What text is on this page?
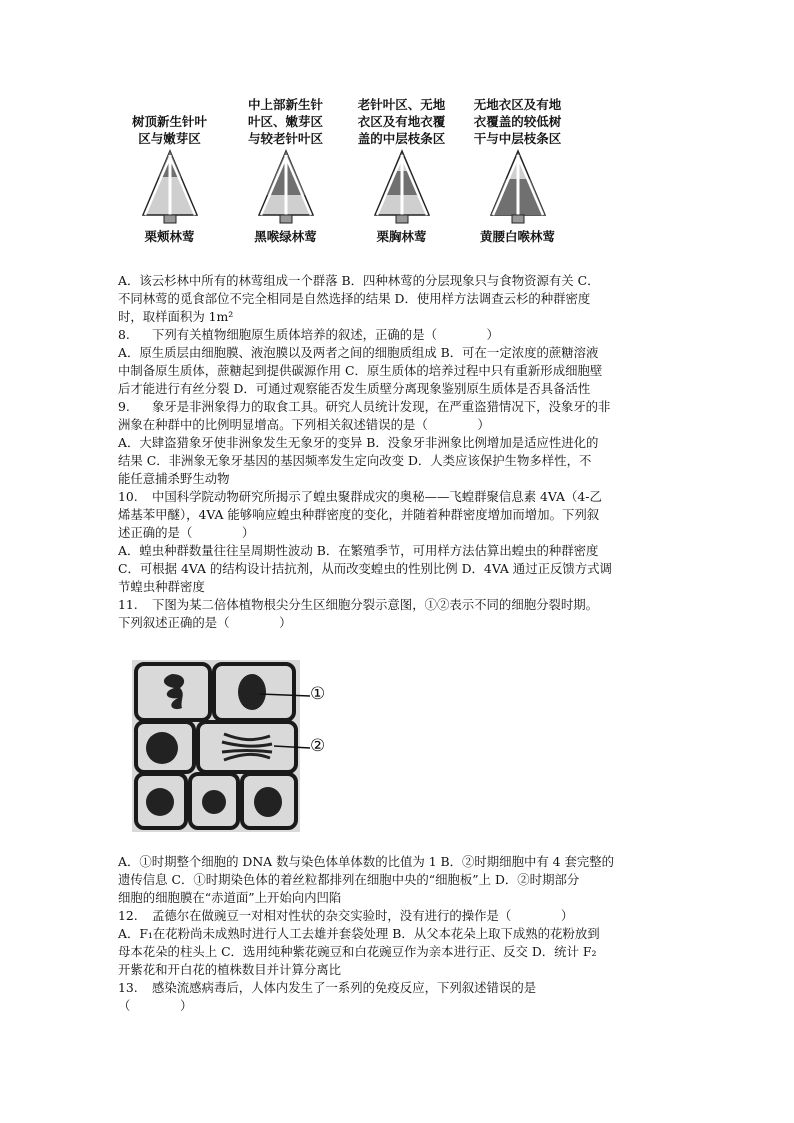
树顶新生针叶
区与嫩芽区
栗颊林莺
中上部新生针
叶区、嫩芽区
与较老针叶区
黑喉绿林莺
老针叶区、无地
衣区及有地衣覆
盖的中层枝条区
栗胸林莺
无地衣区及有地
衣覆盖的较低树
干与中层枝条区
黄腰白喉林莺

A．该云杉林中所有的林莺组成一个群落 B．四种林莺的分层现象只与食物资源有关 C．

不同林莺的觅食部位不完全相同是自然选择的结果 D．使用样方法调查云杉的种群密度

时，取样面积为 1m²

8. 下列有关植物细胞原生质体培养的叙述，正确的是（　　　　）

A．原生质层由细胞膜、液泡膜以及两者之间的细胞质组成 B．可在一定浓度的蔗糖溶液

中制备原生质体，蔗糖起到提供碳源作用 C．原生质体的培养过程中只有重新形成细胞壁

后才能进行有丝分裂 D．可通过观察能否发生质壁分离现象鉴别原生质体是否具备活性

9. 象牙是非洲象得力的取食工具。研究人员统计发现，在严重盗猎情况下，没象牙的非

洲象在种群中的比例明显增高。下列相关叙述错误的是（　　　　）

A．大肆盗猎象牙使非洲象发生无象牙的变异 B．没象牙非洲象比例增加是适应性进化的

结果 C．非洲象无象牙基因的基因频率发生定向改变 D．人类应该保护生物多样性，不

能任意捕杀野生动物

10. 中国科学院动物研究所揭示了蝗虫聚群成灾的奥秘——飞蝗群聚信息素 4VA（4-乙

烯基苯甲醚），4VA 能够响应蝗虫种群密度的变化，并随着种群密度增加而增加。下列叙

述正确的是（　　　　）

A．蝗虫种群数量往往呈周期性波动 B．在繁殖季节，可用样方法估算出蝗虫的种群密度

C．可根据 4VA 的结构设计拮抗剂，从而改变蝗虫的性别比例 D．4VA 通过正反馈方式调

节蝗虫种群密度

11. 下图为某二倍体植物根尖分生区细胞分裂示意图，①②表示不同的细胞分裂时期。

下列叙述正确的是（　　　　）

①
②

A．①时期整个细胞的 DNA 数与染色体单体数的比值为 1 B．②时期细胞中有 4 套完整的

遗传信息 C．①时期染色体的着丝粒都排列在细胞中央的“细胞板”上 D．②时期部分

细胞的细胞膜在“赤道面”上开始向内凹陷

12. 孟德尔在做豌豆一对相对性状的杂交实验时，没有进行的操作是（　　　　）

A．F₁在花粉尚未成熟时进行人工去雄并套袋处理 B．从父本花朵上取下成熟的花粉放到

母本花朵的柱头上 C．选用纯种紫花豌豆和白花豌豆作为亲本进行正、反交 D．统计 F₂

开紫花和开白花的植株数目并计算分离比

13. 感染流感病毒后，人体内发生了一系列的免疫反应，下列叙述错误的是

（　　　　）
